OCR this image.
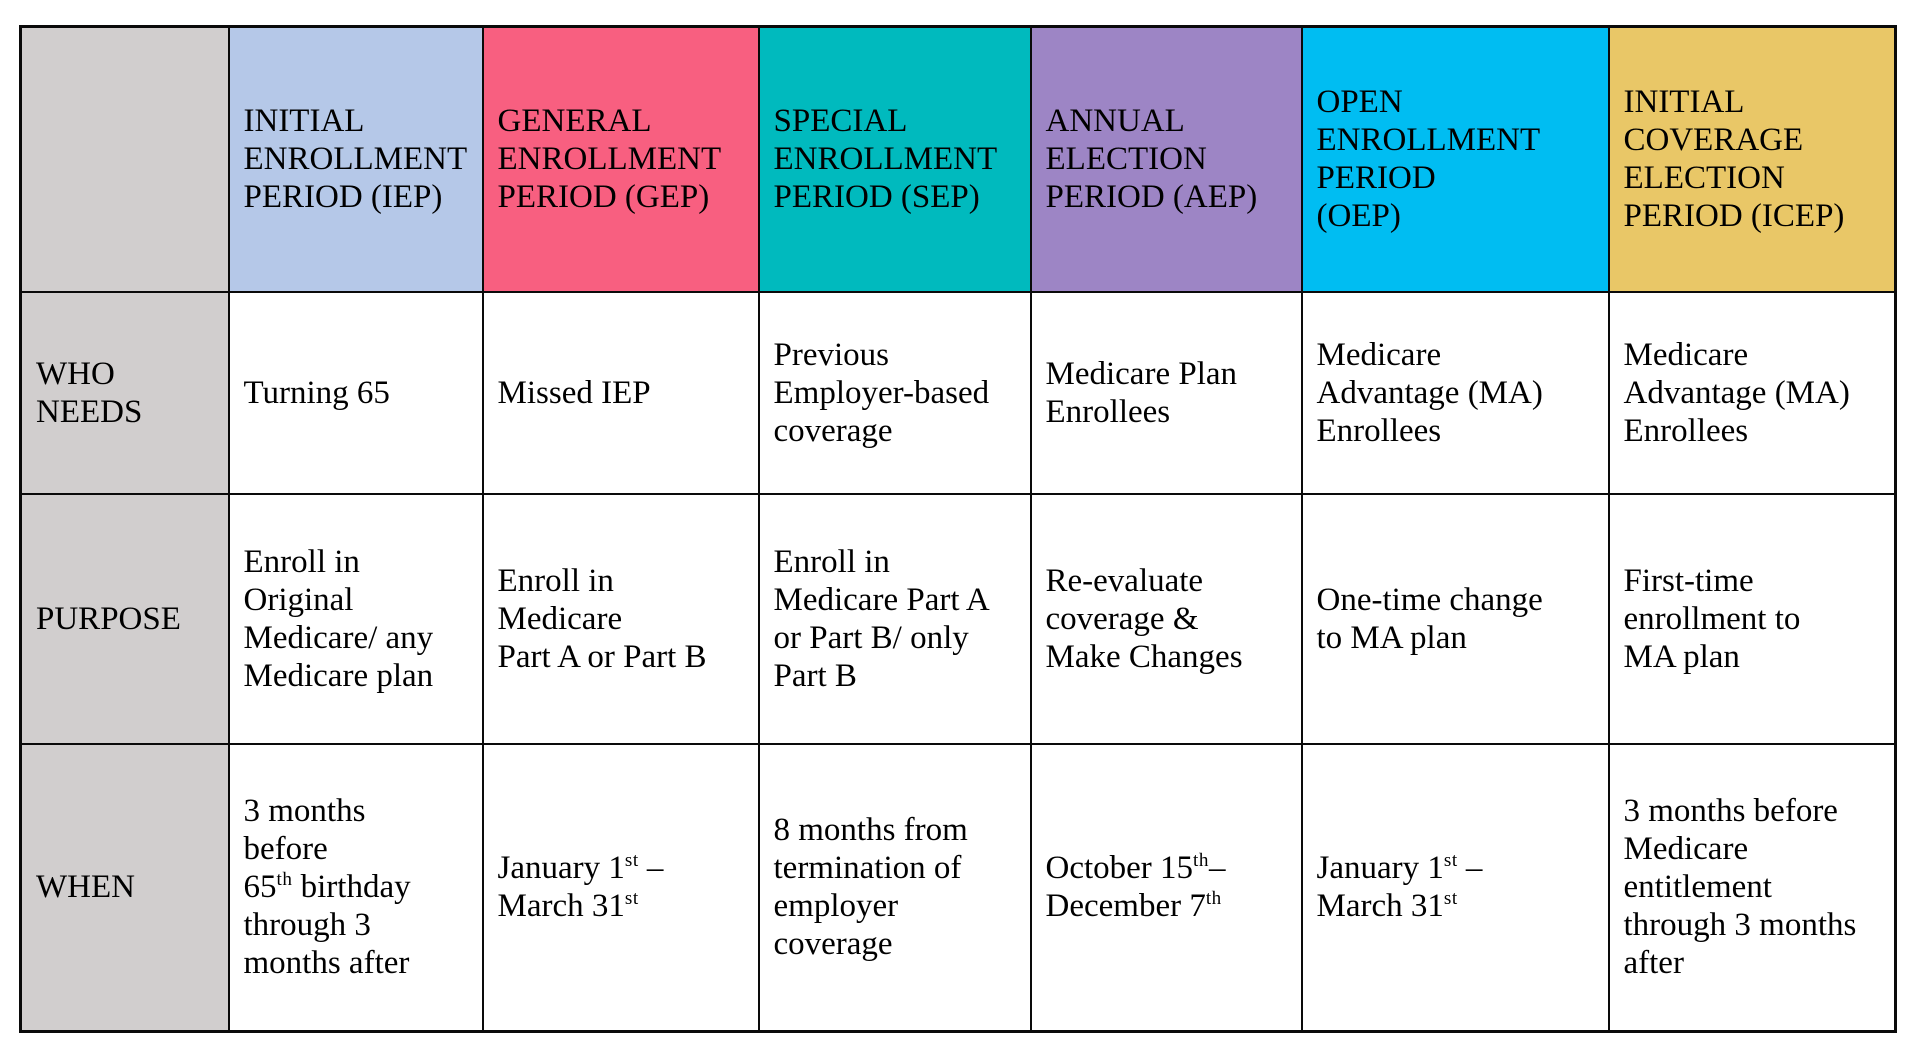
	INITIAL
ENROLLMENT
PERIOD (IEP)	GENERAL
ENROLLMENT
PERIOD (GEP)	SPECIAL
ENROLLMENT
PERIOD (SEP)	ANNUAL
ELECTION
PERIOD (AEP)	OPEN
ENROLLMENT
PERIOD
(OEP)	INITIAL
COVERAGE
ELECTION
PERIOD (ICEP)
WHO
NEEDS	Turning 65	Missed IEP	Previous
Employer-based
coverage	Medicare Plan
Enrollees	Medicare
Advantage (MA)
Enrollees	Medicare
Advantage (MA)
Enrollees
PURPOSE	Enroll in
Original
Medicare/ any
Medicare plan	Enroll in
Medicare
Part A or Part B	Enroll in
Medicare Part A
or Part B/ only
Part B	Re-evaluate
coverage &
Make Changes	One-time change
to MA plan	First-time
enrollment to
MA plan
WHEN	3 months
before
65th birthday
through 3
months after	January 1st –
March 31st	8 months from
termination of
employer
coverage	October 15th–
December 7th	January 1st –
March 31st	3 months before
Medicare
entitlement
through 3 months
after
